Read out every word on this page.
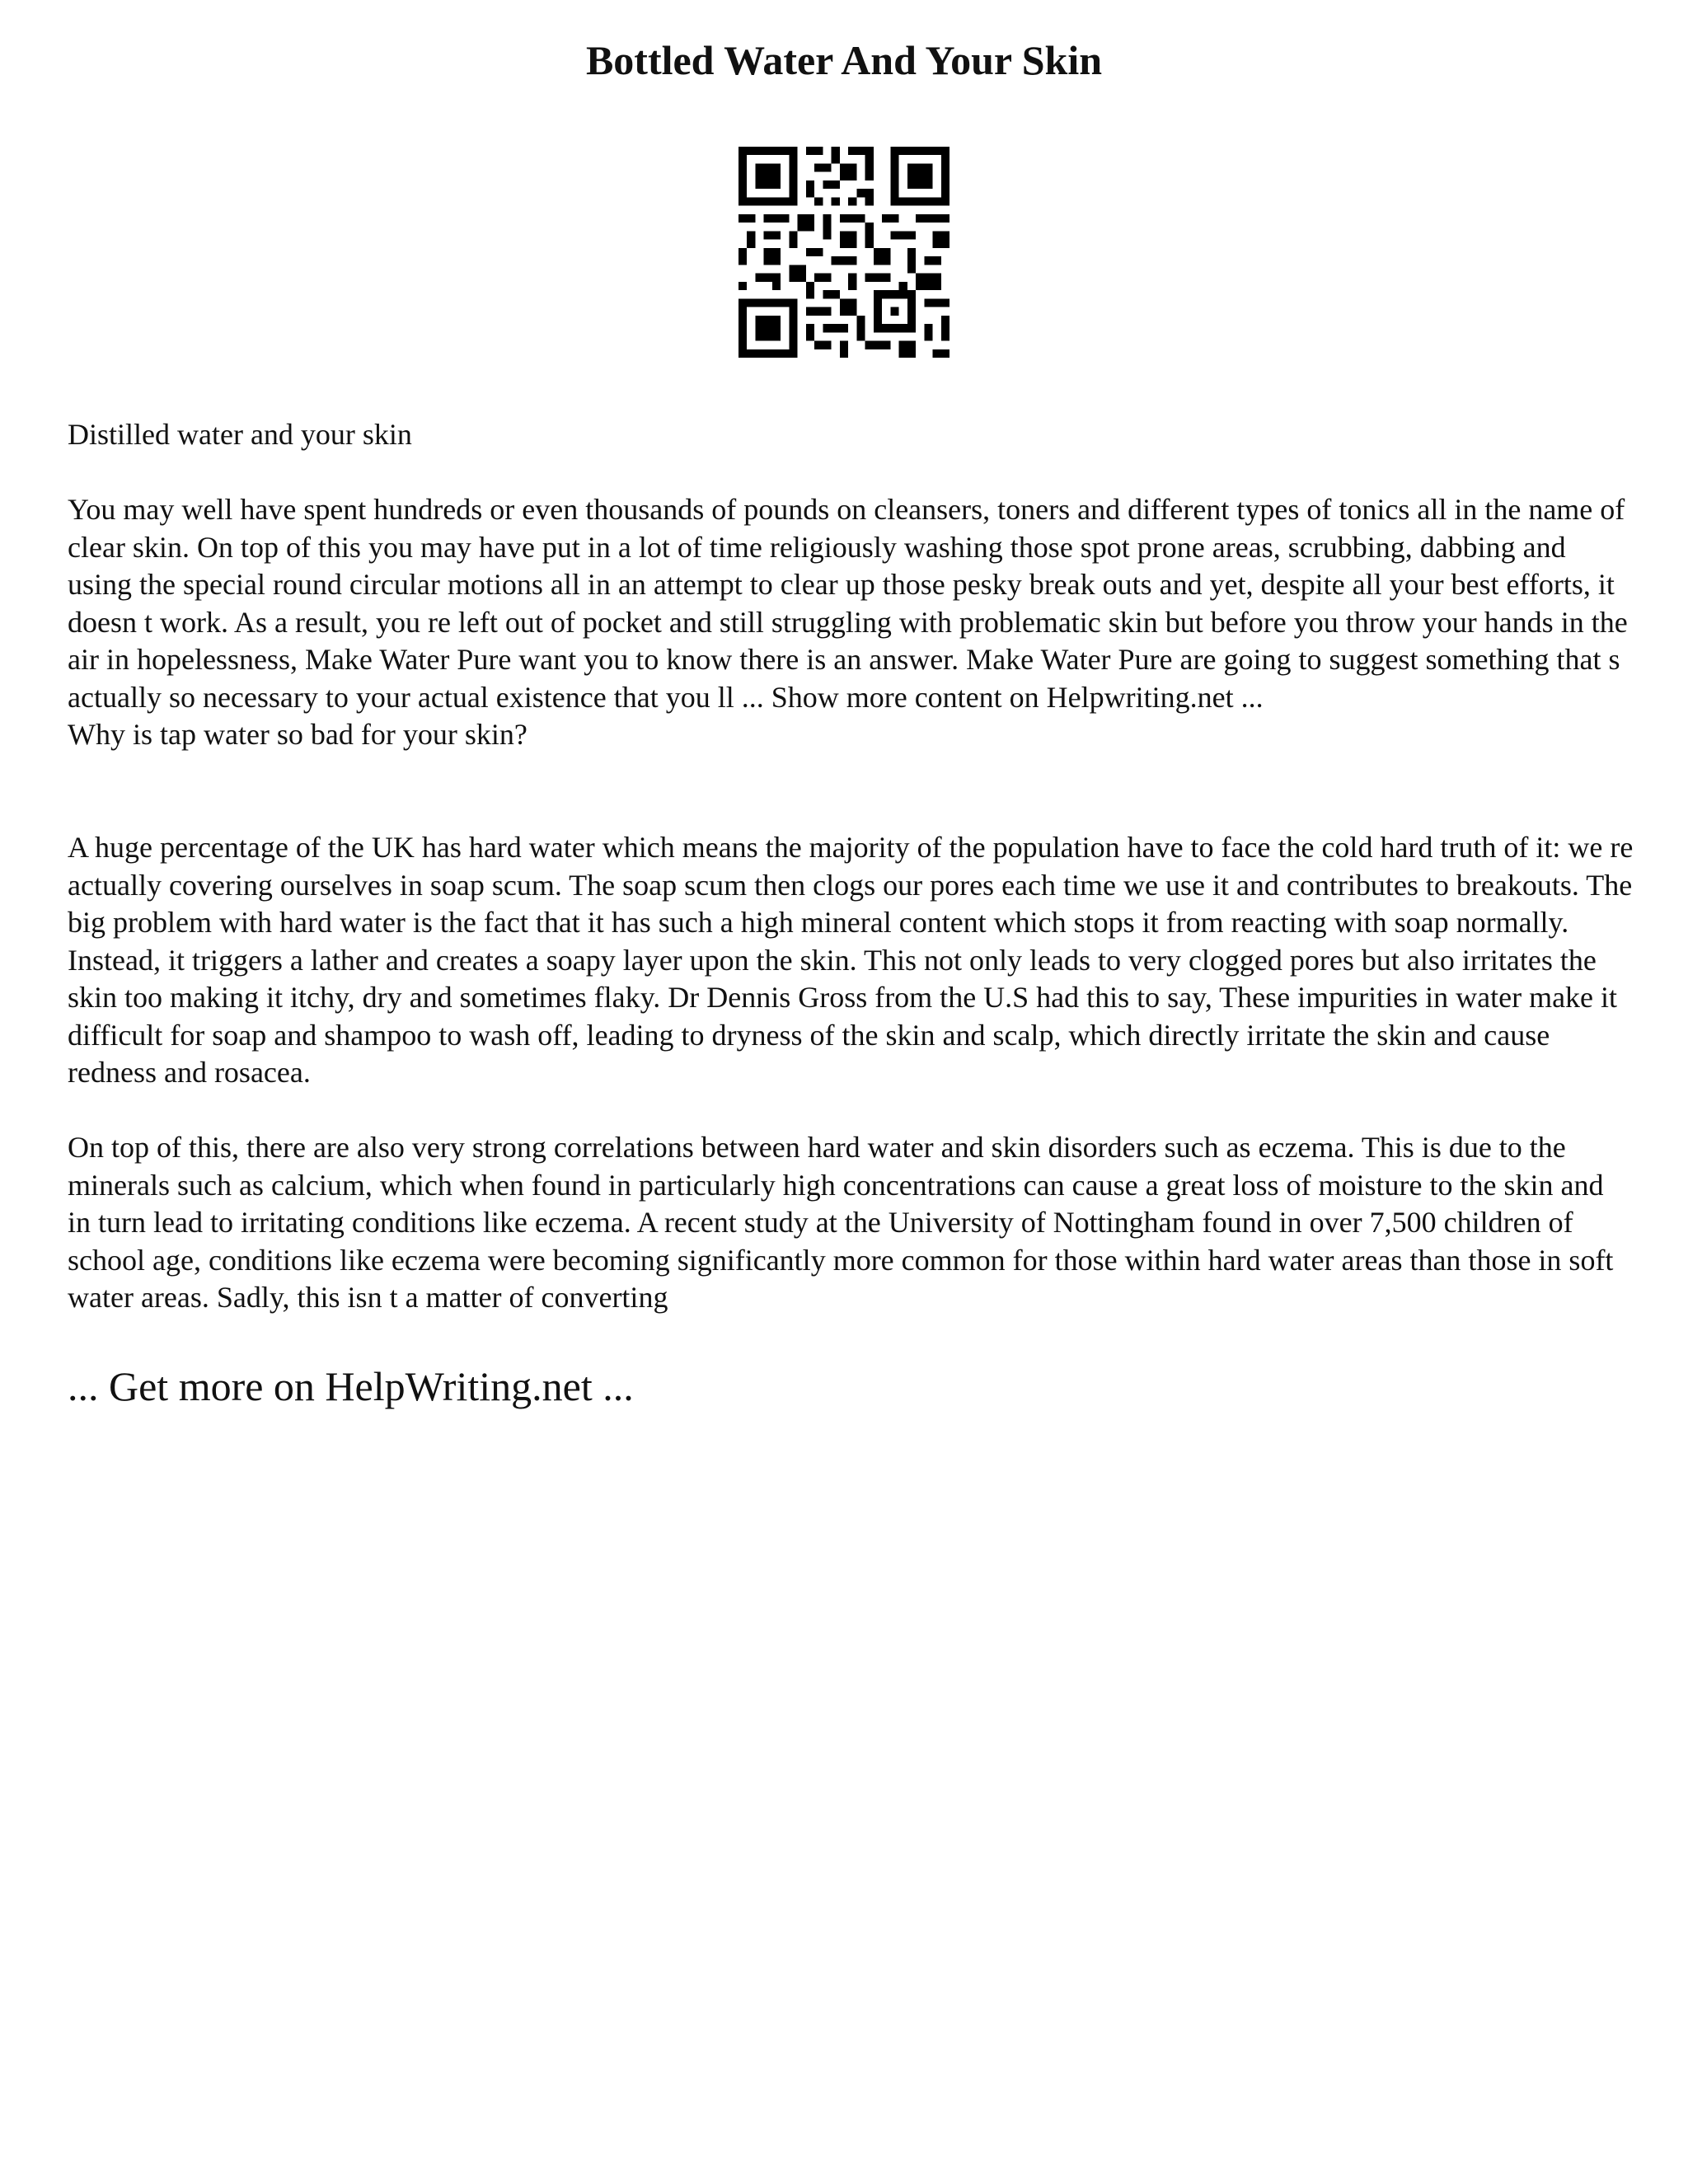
Bottled Water And Your Skin

Distilled water and your skin

You may well have spent hundreds or even thousands of pounds on cleansers, toners and different types of tonics all in the name of clear skin. On top of this you may have put in a lot of time religiously washing those spot prone areas, scrubbing, dabbing and using the special round circular motions all in an attempt to clear up those pesky break outs and yet, despite all your best efforts, it doesn t work. As a result, you re left out of pocket and still struggling with problematic skin but before you throw your hands in the air in hopelessness, Make Water Pure want you to know there is an answer. Make Water Pure are going to suggest something that s actually so necessary to your actual existence that you ll ... Show more content on Helpwriting.net ...
Why is tap water so bad for your skin?

A huge percentage of the UK has hard water which means the majority of the population have to face the cold hard truth of it: we re actually covering ourselves in soap scum. The soap scum then clogs our pores each time we use it and contributes to breakouts. The big problem with hard water is the fact that it has such a high mineral content which stops it from reacting with soap normally. Instead, it triggers a lather and creates a soapy layer upon the skin. This not only leads to very clogged pores but also irritates the skin too making it itchy, dry and sometimes flaky. Dr Dennis Gross from the U.S had this to say, These impurities in water make it difficult for soap and shampoo to wash off, leading to dryness of the skin and scalp, which directly irritate the skin and cause redness and rosacea.

On top of this, there are also very strong correlations between hard water and skin disorders such as eczema. This is due to the minerals such as calcium, which when found in particularly high concentrations can cause a great loss of moisture to the skin and in turn lead to irritating conditions like eczema. A recent study at the University of Nottingham found in over 7,500 children of school age, conditions like eczema were becoming significantly more common for those within hard water areas than those in soft water areas. Sadly, this isn t a matter of converting

... Get more on HelpWriting.net ...
